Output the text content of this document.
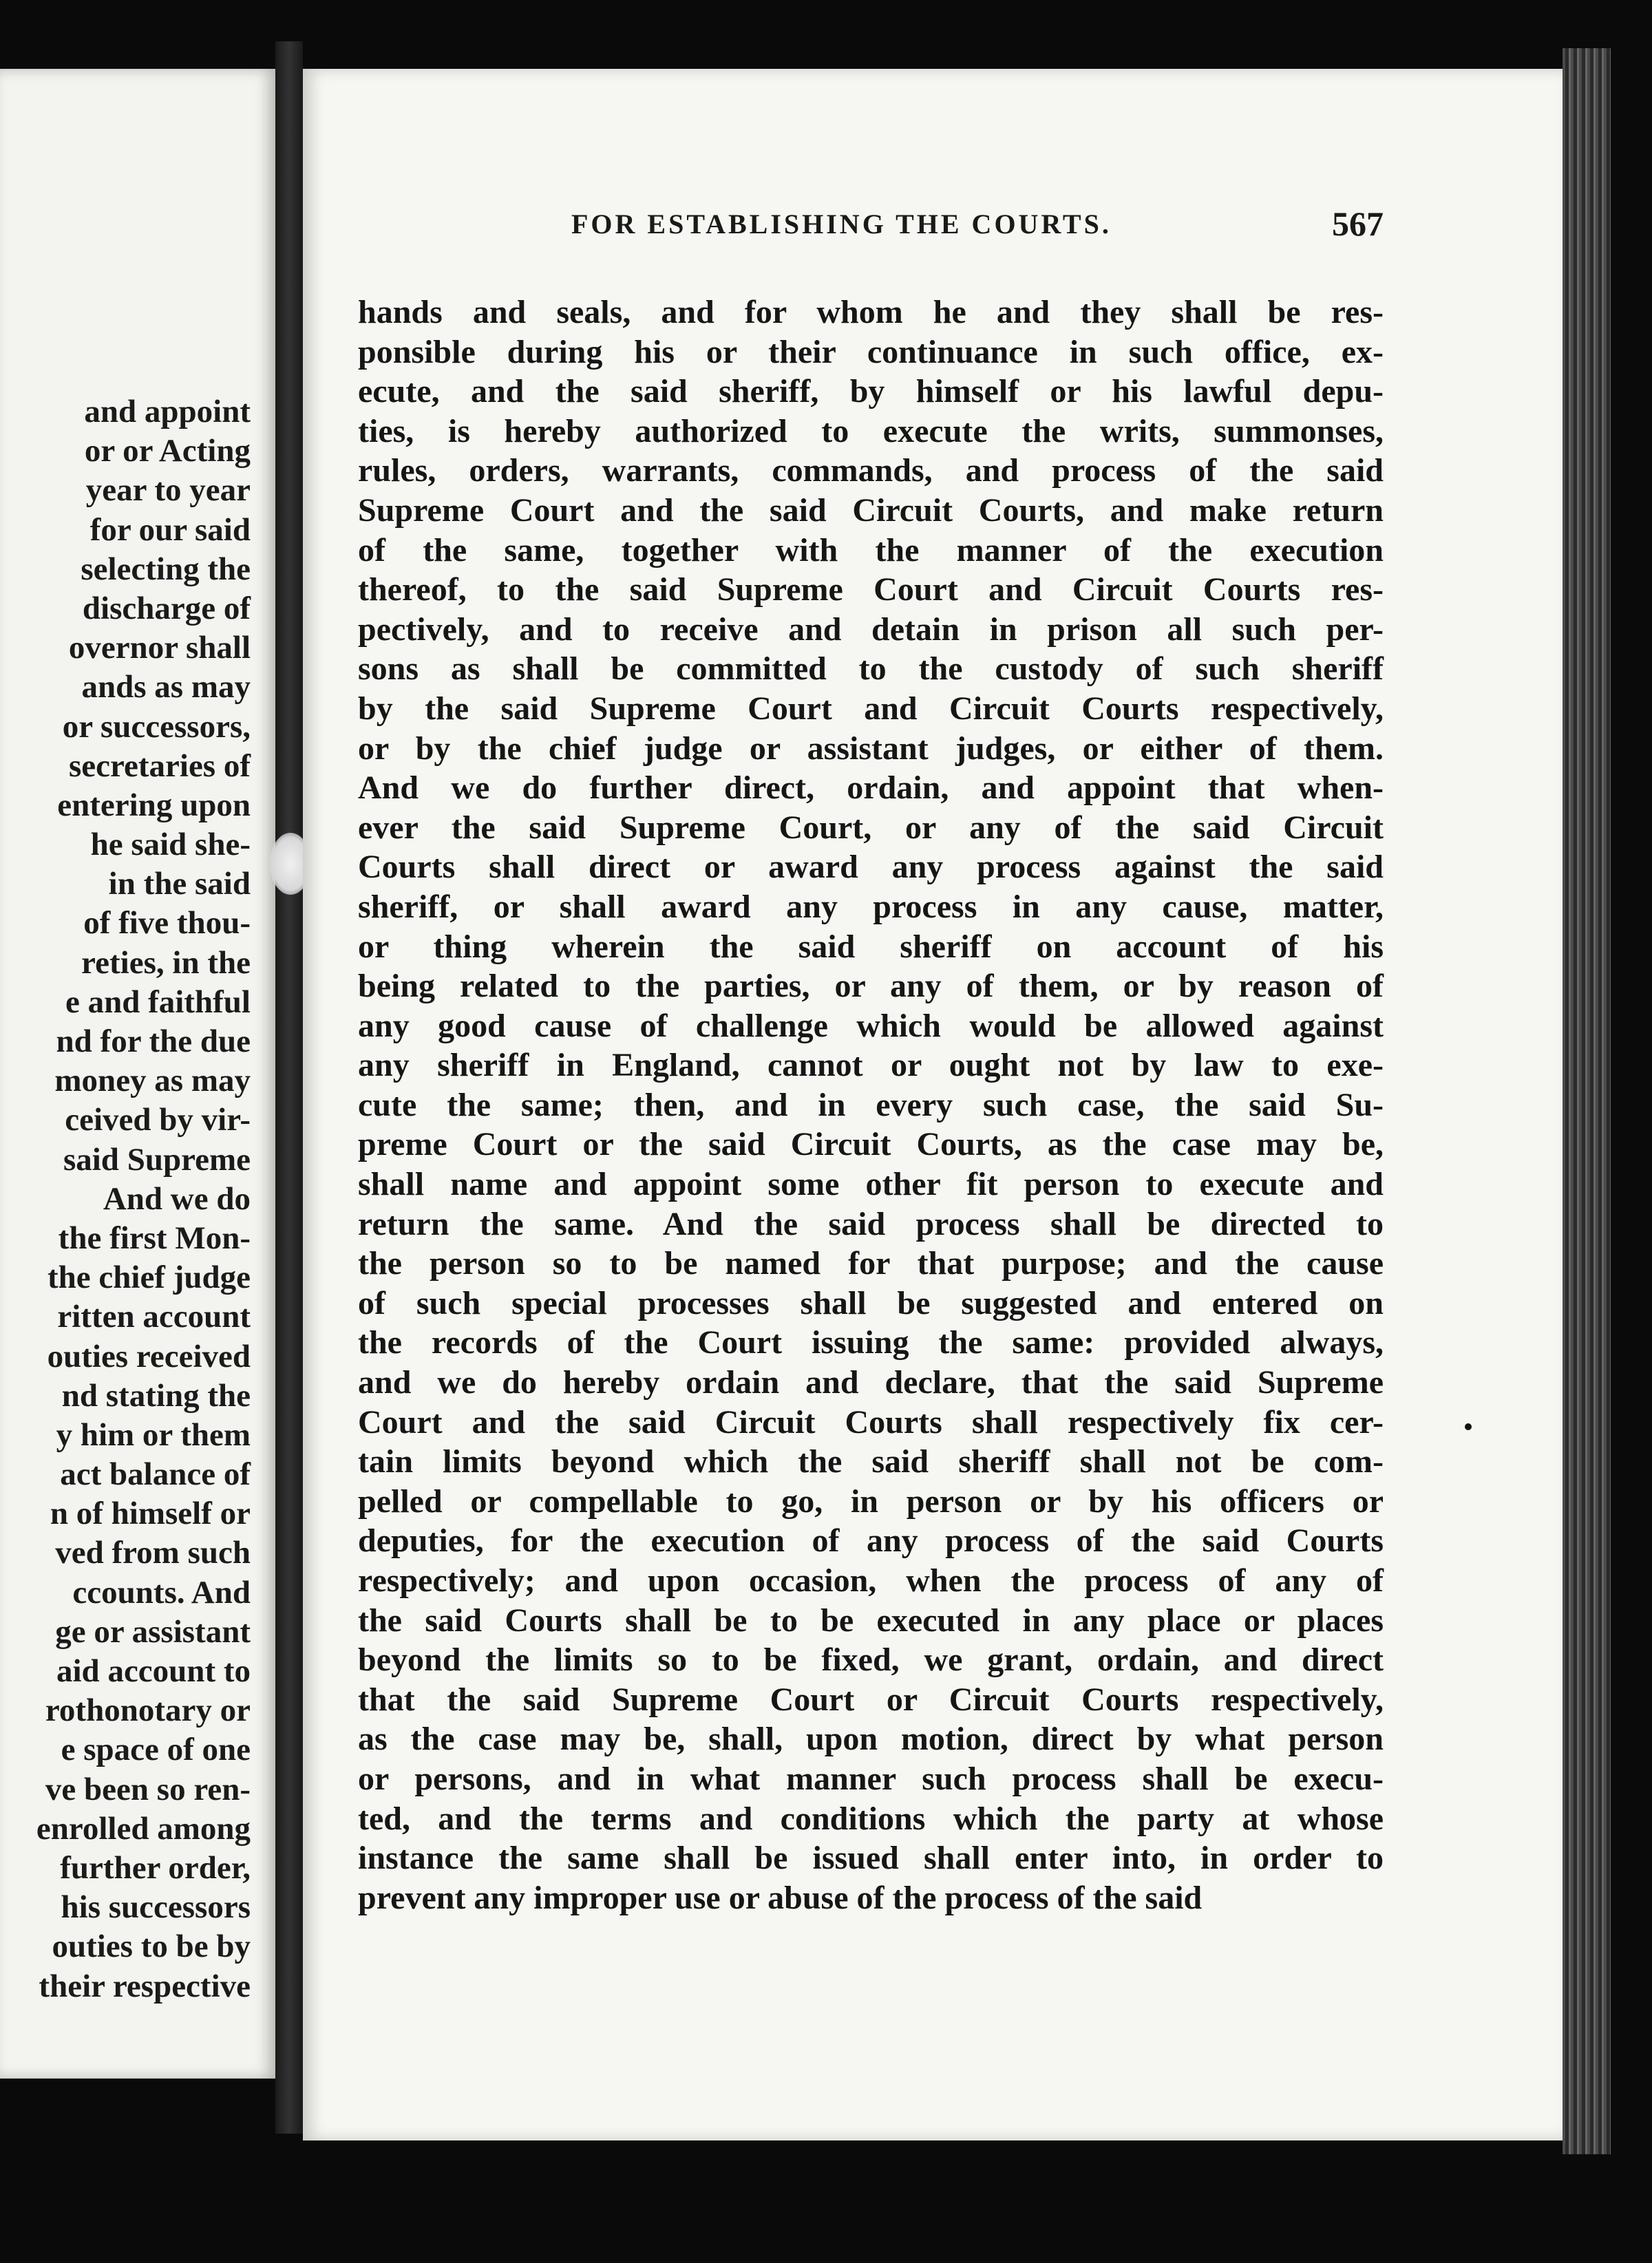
and appoint
or or Acting
year to year
for our said
selecting the
discharge of
overnor shall
ands as may
or successors,
secretaries of
entering upon
he said she-
in the said
of five thou-
reties, in the
e and faithful
nd for the due
money as may
ceived by vir-
said Supreme
And we do
the first Mon-
the chief judge
ritten account
outies received
nd stating the
y him or them
act balance of
n of himself or
ved from such
ccounts. And
ge or assistant
aid account to
rothonotary or
e space of one
ve been so ren-
enrolled among
further order,
his successors
outies to be by
their respective
FOR ESTABLISHING THE COURTS.	567
hands and seals, and for whom he and they shall be res-
ponsible during his or their continuance in such office, ex-
ecute, and the said sheriff, by himself or his lawful depu-
ties, is hereby authorized to execute the writs, summonses,
rules, orders, warrants, commands, and process of the said
Supreme Court and the said Circuit Courts, and make return
of the same, together with the manner of the execution
thereof, to the said Supreme Court and Circuit Courts res-
pectively, and to receive and detain in prison all such per-
sons as shall be committed to the custody of such sheriff
by the said Supreme Court and Circuit Courts respectively,
or by the chief judge or assistant judges, or either of them.
And we do further direct, ordain, and appoint that when-
ever the said Supreme Court, or any of the said Circuit
Courts shall direct or award any process against the said
sheriff, or shall award any process in any cause, matter,
or thing wherein the said sheriff on account of his
being related to the parties, or any of them, or by reason of
any good cause of challenge which would be allowed against
any sheriff in England, cannot or ought not by law to exe-
cute the same; then, and in every such case, the said Su-
preme Court or the said Circuit Courts, as the case may be,
shall name and appoint some other fit person to execute and
return the same. And the said process shall be directed to
the person so to be named for that purpose; and the cause
of such special processes shall be suggested and entered on
the records of the Court issuing the same: provided always,
and we do hereby ordain and declare, that the said Supreme
Court and the said Circuit Courts shall respectively fix cer-
tain limits beyond which the said sheriff shall not be com-
pelled or compellable to go, in person or by his officers or
deputies, for the execution of any process of the said Courts
respectively; and upon occasion, when the process of any of
the said Courts shall be to be executed in any place or places
beyond the limits so to be fixed, we grant, ordain, and direct
that the said Supreme Court or Circuit Courts respectively,
as the case may be, shall, upon motion, direct by what person
or persons, and in what manner such process shall be execu-
ted, and the terms and conditions which the party at whose
instance the same shall be issued shall enter into, in order to
prevent any improper use or abuse of the process of the said
